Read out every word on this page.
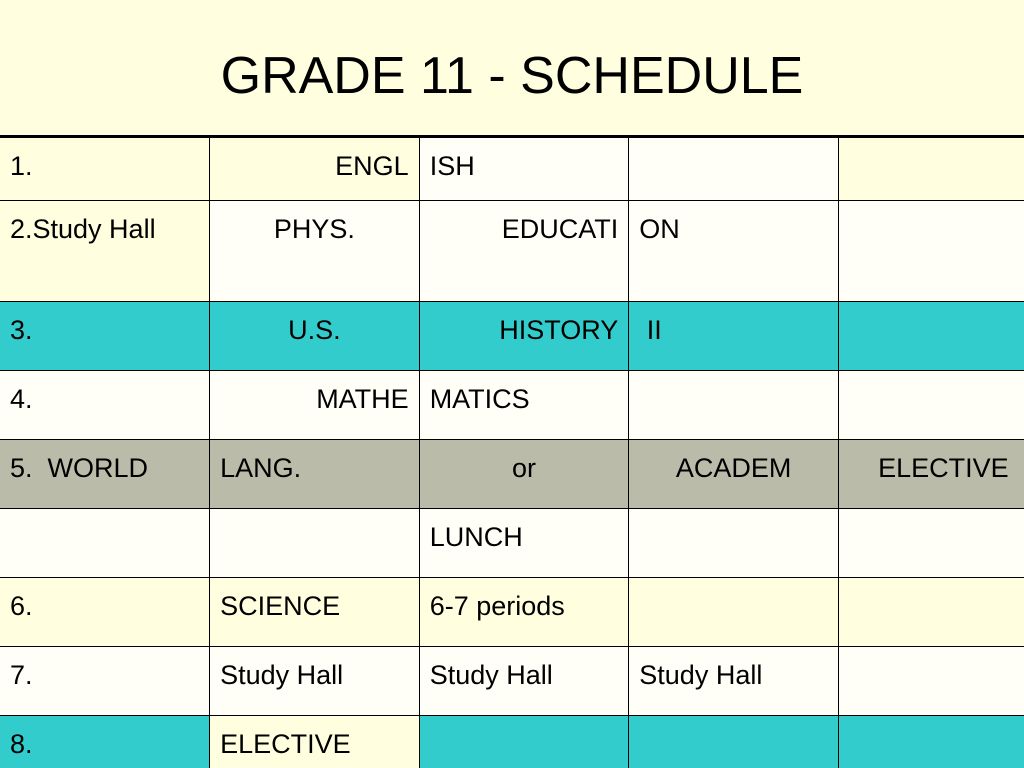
GRADE 11 - SCHEDULE
1.	ENGL	ISH		
2.Study Hall	PHYS.	EDUCATI	ON	
3.	U.S.	HISTORY	II	
4.	MATHE	MATICS		
5.  WORLD	LANG.	or	ACADEM	ELECTIVE
		LUNCH		
6.	SCIENCE	6-7 periods		
7.	Study Hall	Study Hall	Study Hall	
8.	ELECTIVE			
